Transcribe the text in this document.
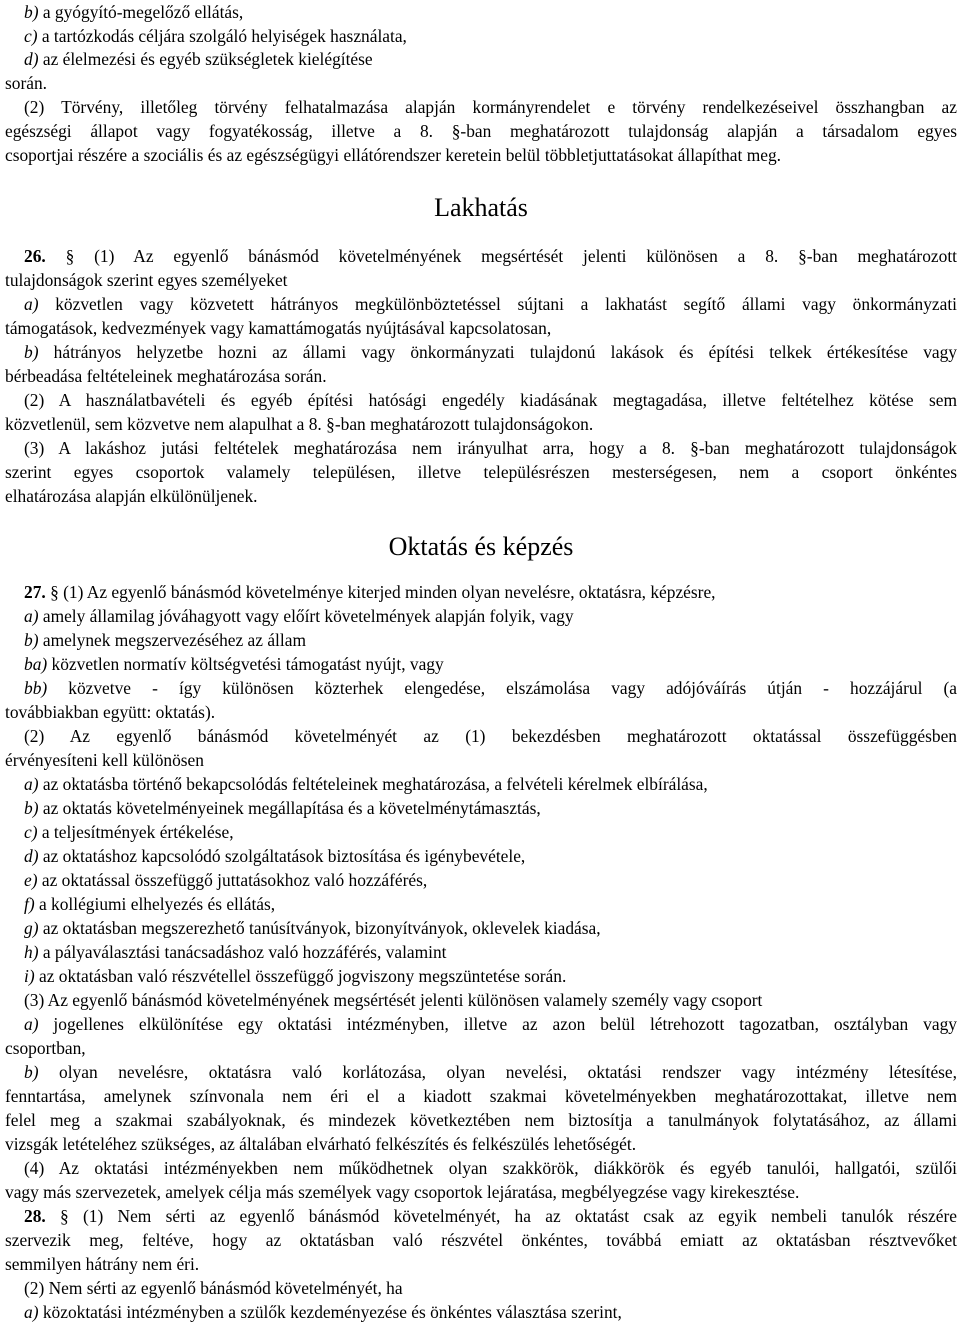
b) a gyógyító-megelőző ellátás,
c) a tartózkodás céljára szolgáló helyiségek használata,
d) az élelmezési és egyéb szükségletek kielégítése
során.
(2) Törvény, illetőleg törvény felhatalmazása alapján kormányrendelet e törvény rendelkezéseivel összhangban az
egészségi állapot vagy fogyatékosság, illetve a 8. §-ban meghatározott tulajdonság alapján a társadalom egyes
csoportjai részére a szociális és az egészségügyi ellátórendszer keretein belül többletjuttatásokat állapíthat meg.
Lakhatás
26. § (1) Az egyenlő bánásmód követelményének megsértését jelenti különösen a 8. §-ban meghatározott
tulajdonságok szerint egyes személyeket
a) közvetlen vagy közvetett hátrányos megkülönböztetéssel sújtani a lakhatást segítő állami vagy önkormányzati
támogatások, kedvezmények vagy kamattámogatás nyújtásával kapcsolatosan,
b) hátrányos helyzetbe hozni az állami vagy önkormányzati tulajdonú lakások és építési telkek értékesítése vagy
bérbeadása feltételeinek meghatározása során.
(2) A használatbavételi és egyéb építési hatósági engedély kiadásának megtagadása, illetve feltételhez kötése sem
közvetlenül, sem közvetve nem alapulhat a 8. §-ban meghatározott tulajdonságokon.
(3) A lakáshoz jutási feltételek meghatározása nem irányulhat arra, hogy a 8. §-ban meghatározott tulajdonságok
szerint egyes csoportok valamely településen, illetve településrészen mesterségesen, nem a csoport önkéntes
elhatározása alapján elkülönüljenek.
Oktatás és képzés
27. § (1) Az egyenlő bánásmód követelménye kiterjed minden olyan nevelésre, oktatásra, képzésre,
a) amely államilag jóváhagyott vagy előírt követelmények alapján folyik, vagy
b) amelynek megszervezéséhez az állam
ba) közvetlen normatív költségvetési támogatást nyújt, vagy
bb) közvetve - így különösen közterhek elengedése, elszámolása vagy adójóváírás útján - hozzájárul (a
továbbiakban együtt: oktatás).
(2) Az egyenlő bánásmód követelményét az (1) bekezdésben meghatározott oktatással összefüggésben
érvényesíteni kell különösen
a) az oktatásba történő bekapcsolódás feltételeinek meghatározása, a felvételi kérelmek elbírálása,
b) az oktatás követelményeinek megállapítása és a követelménytámasztás,
c) a teljesítmények értékelése,
d) az oktatáshoz kapcsolódó szolgáltatások biztosítása és igénybevétele,
e) az oktatással összefüggő juttatásokhoz való hozzáférés,
f) a kollégiumi elhelyezés és ellátás,
g) az oktatásban megszerezhető tanúsítványok, bizonyítványok, oklevelek kiadása,
h) a pályaválasztási tanácsadáshoz való hozzáférés, valamint
i) az oktatásban való részvétellel összefüggő jogviszony megszüntetése során.
(3) Az egyenlő bánásmód követelményének megsértését jelenti különösen valamely személy vagy csoport
a) jogellenes elkülönítése egy oktatási intézményben, illetve az azon belül létrehozott tagozatban, osztályban vagy
csoportban,
b) olyan nevelésre, oktatásra való korlátozása, olyan nevelési, oktatási rendszer vagy intézmény létesítése,
fenntartása, amelynek színvonala nem éri el a kiadott szakmai követelményekben meghatározottakat, illetve nem
felel meg a szakmai szabályoknak, és mindezek következtében nem biztosítja a tanulmányok folytatásához, az állami
vizsgák letételéhez szükséges, az általában elvárható felkészítés és felkészülés lehetőségét.
(4) Az oktatási intézményekben nem működhetnek olyan szakkörök, diákkörök és egyéb tanulói, hallgatói, szülői
vagy más szervezetek, amelyek célja más személyek vagy csoportok lejáratása, megbélyegzése vagy kirekesztése.
28. § (1) Nem sérti az egyenlő bánásmód követelményét, ha az oktatást csak az egyik nembeli tanulók részére
szervezik meg, feltéve, hogy az oktatásban való részvétel önkéntes, továbbá emiatt az oktatásban résztvevőket
semmilyen hátrány nem éri.
(2) Nem sérti az egyenlő bánásmód követelményét, ha
a) közoktatási intézményben a szülők kezdeményezése és önkéntes választása szerint,
